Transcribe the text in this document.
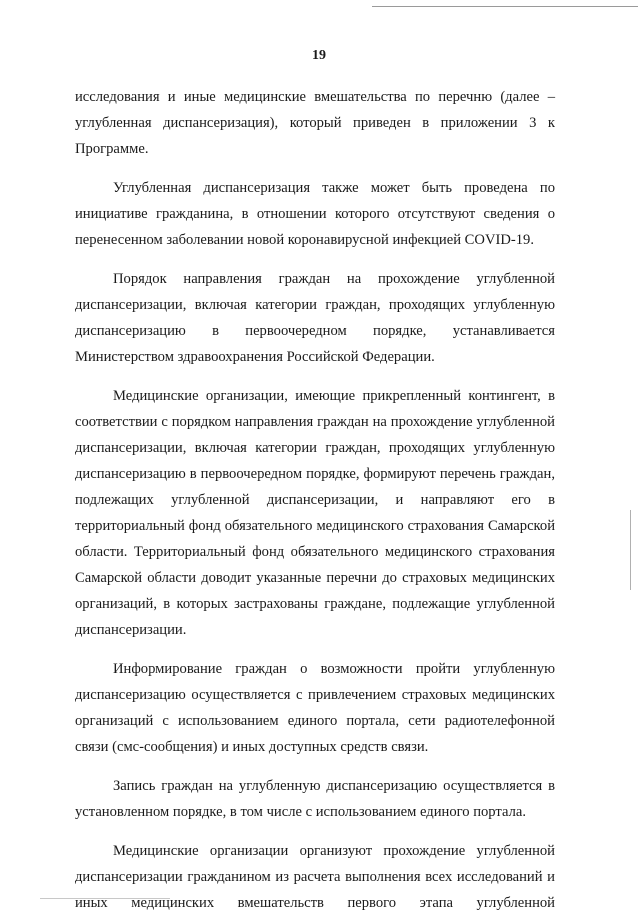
19

исследования и иные медицинские вмешательства по перечню (далее – углубленная диспансеризация), который приведен в приложении 3 к Программе.

Углубленная диспансеризация также может быть проведена по инициативе гражданина, в отношении которого отсутствуют сведения о перенесенном заболевании новой коронавирусной инфекцией COVID-19.

Порядок направления граждан на прохождение углубленной диспансеризации, включая категории граждан, проходящих углубленную диспансеризацию в первоочередном порядке, устанавливается Министерством здравоохранения Российской Федерации.

Медицинские организации, имеющие прикрепленный контингент, в соответствии с порядком направления граждан на прохождение углубленной диспансеризации, включая категории граждан, проходящих углубленную диспансеризацию в первоочередном порядке, формируют перечень граждан, подлежащих углубленной диспансеризации, и направляют его в территориальный фонд обязательного медицинского страхования Самарской области. Территориальный фонд обязательного медицинского страхования Самарской области доводит указанные перечни до страховых медицинских организаций, в которых застрахованы граждане, подлежащие углубленной диспансеризации.

Информирование граждан о возможности пройти углубленную диспансеризацию осуществляется с привлечением страховых медицинских организаций с использованием единого портала, сети радиотелефонной связи (смс-сообщения) и иных доступных средств связи.

Запись граждан на углубленную диспансеризацию осуществляется в установленном порядке, в том числе с использованием единого портала.

Медицинские организации организуют прохождение углубленной диспансеризации гражданином из расчета выполнения всех исследований и иных медицинских вмешательств первого этапа углубленной
